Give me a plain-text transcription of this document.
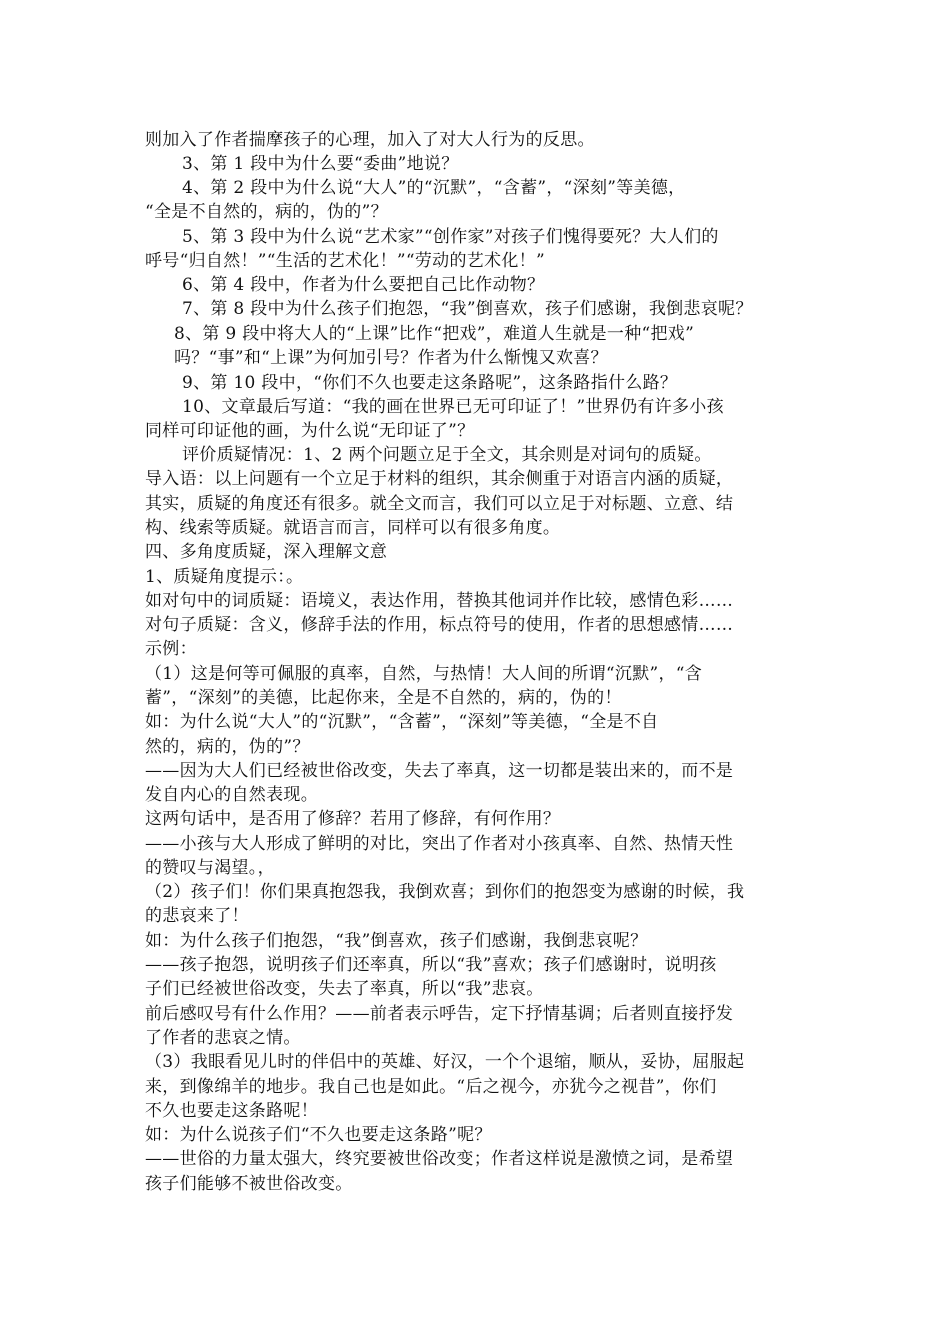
则加入了作者揣摩孩子的心理，加入了对大人行为的反思。
3、第 1 段中为什么要“委曲”地说？
4、第 2 段中为什么说“大人”的“沉默”，“含蓄”，“深刻”等美德，
“全是不自然的，病的，伪的”？
5、第 3 段中为什么说“艺术家”“创作家”对孩子们愧得要死？大人们的
呼号“归自然！”“生活的艺术化！”“劳动的艺术化！”
6、第 4 段中，作者为什么要把自己比作动物？
7、第 8 段中为什么孩子们抱怨，“我”倒喜欢，孩子们感谢，我倒悲哀呢？
8、第 9 段中将大人的“上课”比作“把戏”，难道人生就是一种“把戏”
吗？“事”和“上课”为何加引号？作者为什么惭愧又欢喜？
9、第 10 段中，“你们不久也要走这条路呢”，这条路指什么路？
10、文章最后写道：“我的画在世界已无可印证了！”世界仍有许多小孩
同样可印证他的画，为什么说“无印证了”？
评价质疑情况：1、2 两个问题立足于全文，其余则是对词句的质疑。
导入语：以上问题有一个立足于材料的组织，其余侧重于对语言内涵的质疑，
其实，质疑的角度还有很多。就全文而言，我们可以立足于对标题、立意、结
构、线索等质疑。就语言而言，同样可以有很多角度。
四、多角度质疑，深入理解文意
1、质疑角度提示：。
如对句中的词质疑：语境义，表达作用，替换其他词并作比较，感情色彩……
对句子质疑：含义，修辞手法的作用，标点符号的使用，作者的思想感情……
示例：
（1）这是何等可佩服的真率，自然，与热情！大人间的所谓“沉默”，“含
蓄”，“深刻”的美德，比起你来，全是不自然的，病的，伪的！
如：为什么说“大人”的“沉默”，“含蓄”，“深刻”等美德，“全是不自
然的，病的，伪的”？
——因为大人们已经被世俗改变，失去了率真，这一切都是装出来的，而不是
发自内心的自然表现。
这两句话中，是否用了修辞？若用了修辞，有何作用？
——小孩与大人形成了鲜明的对比，突出了作者对小孩真率、自然、热情天性
的赞叹与渴望。，
（2）孩子们！你们果真抱怨我，我倒欢喜；到你们的抱怨变为感谢的时候，我
的悲哀来了！
如：为什么孩子们抱怨，“我”倒喜欢，孩子们感谢，我倒悲哀呢？
——孩子抱怨，说明孩子们还率真，所以“我”喜欢；孩子们感谢时，说明孩
子们已经被世俗改变，失去了率真，所以“我”悲哀。
前后感叹号有什么作用？——前者表示呼告，定下抒情基调；后者则直接抒发
了作者的悲哀之情。
（3）我眼看见儿时的伴侣中的英雄、好汉，一个个退缩，顺从，妥协，屈服起
来，到像绵羊的地步。我自己也是如此。“后之视今，亦犹今之视昔”，你们
不久也要走这条路呢！
如：为什么说孩子们“不久也要走这条路”呢？
——世俗的力量太强大，终究要被世俗改变；作者这样说是激愤之词，是希望
孩子们能够不被世俗改变。
